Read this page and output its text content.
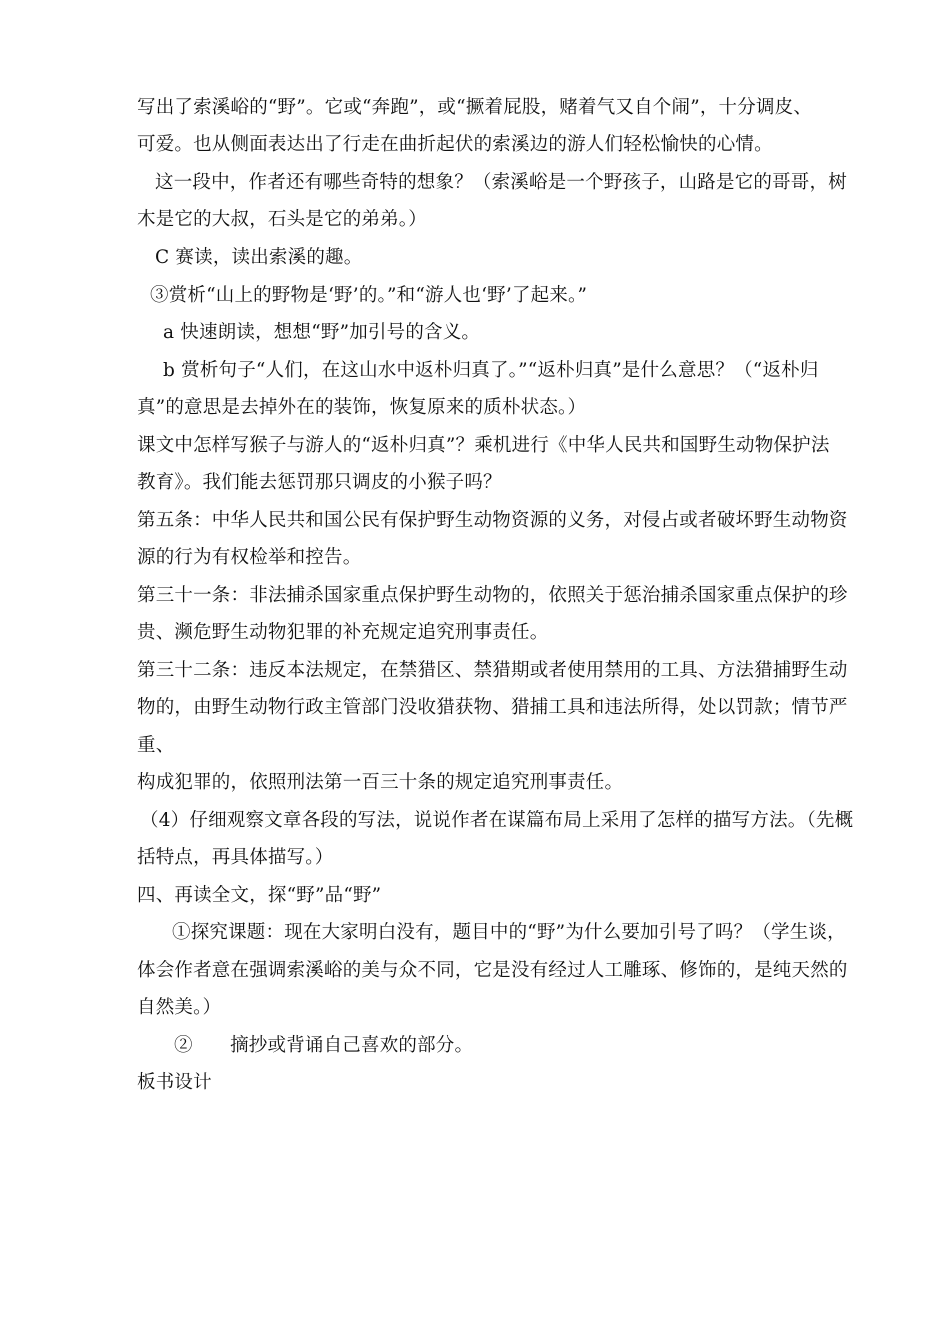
写出了索溪峪的“野”。它或“奔跑”，或“撅着屁股，赌着气又自个闹”，十分调皮、
可爱。也从侧面表达出了行走在曲折起伏的索溪边的游人们轻松愉快的心情。
这一段中，作者还有哪些奇特的想象？（索溪峪是一个野孩子，山路是它的哥哥，树
木是它的大叔，石头是它的弟弟。）
C 赛读，读出索溪的趣。
③赏析“山上的野物是‘野’的。”和“游人也‘野’了起来。”
a 快速朗读，想想“野”加引号的含义。
b 赏析句子“人们，在这山水中返朴归真了。”“返朴归真”是什么意思？（“返朴归
真”的意思是去掉外在的装饰，恢复原来的质朴状态。）
课文中怎样写猴子与游人的“返朴归真”？乘机进行《中华人民共和国野生动物保护法
教育》。我们能去惩罚那只调皮的小猴子吗？
第五条：中华人民共和国公民有保护野生动物资源的义务，对侵占或者破坏野生动物资
源的行为有权检举和控告。
第三十一条：非法捕杀国家重点保护野生动物的，依照关于惩治捕杀国家重点保护的珍
贵、濒危野生动物犯罪的补充规定追究刑事责任。
第三十二条：违反本法规定，在禁猎区、禁猎期或者使用禁用的工具、方法猎捕野生动
物的，由野生动物行政主管部门没收猎获物、猎捕工具和违法所得，处以罚款；情节严
重、
构成犯罪的，依照刑法第一百三十条的规定追究刑事责任。
（4）仔细观察文章各段的写法，说说作者在谋篇布局上采用了怎样的描写方法。（先概
括特点，再具体描写。）
四、再读全文，探“野”品“野”
①探究课题：现在大家明白没有，题目中的“野”为什么要加引号了吗？（学生谈，
体会作者意在强调索溪峪的美与众不同，它是没有经过人工雕琢、修饰的，是纯天然的
自然美。）
②　　摘抄或背诵自己喜欢的部分。
板书设计
